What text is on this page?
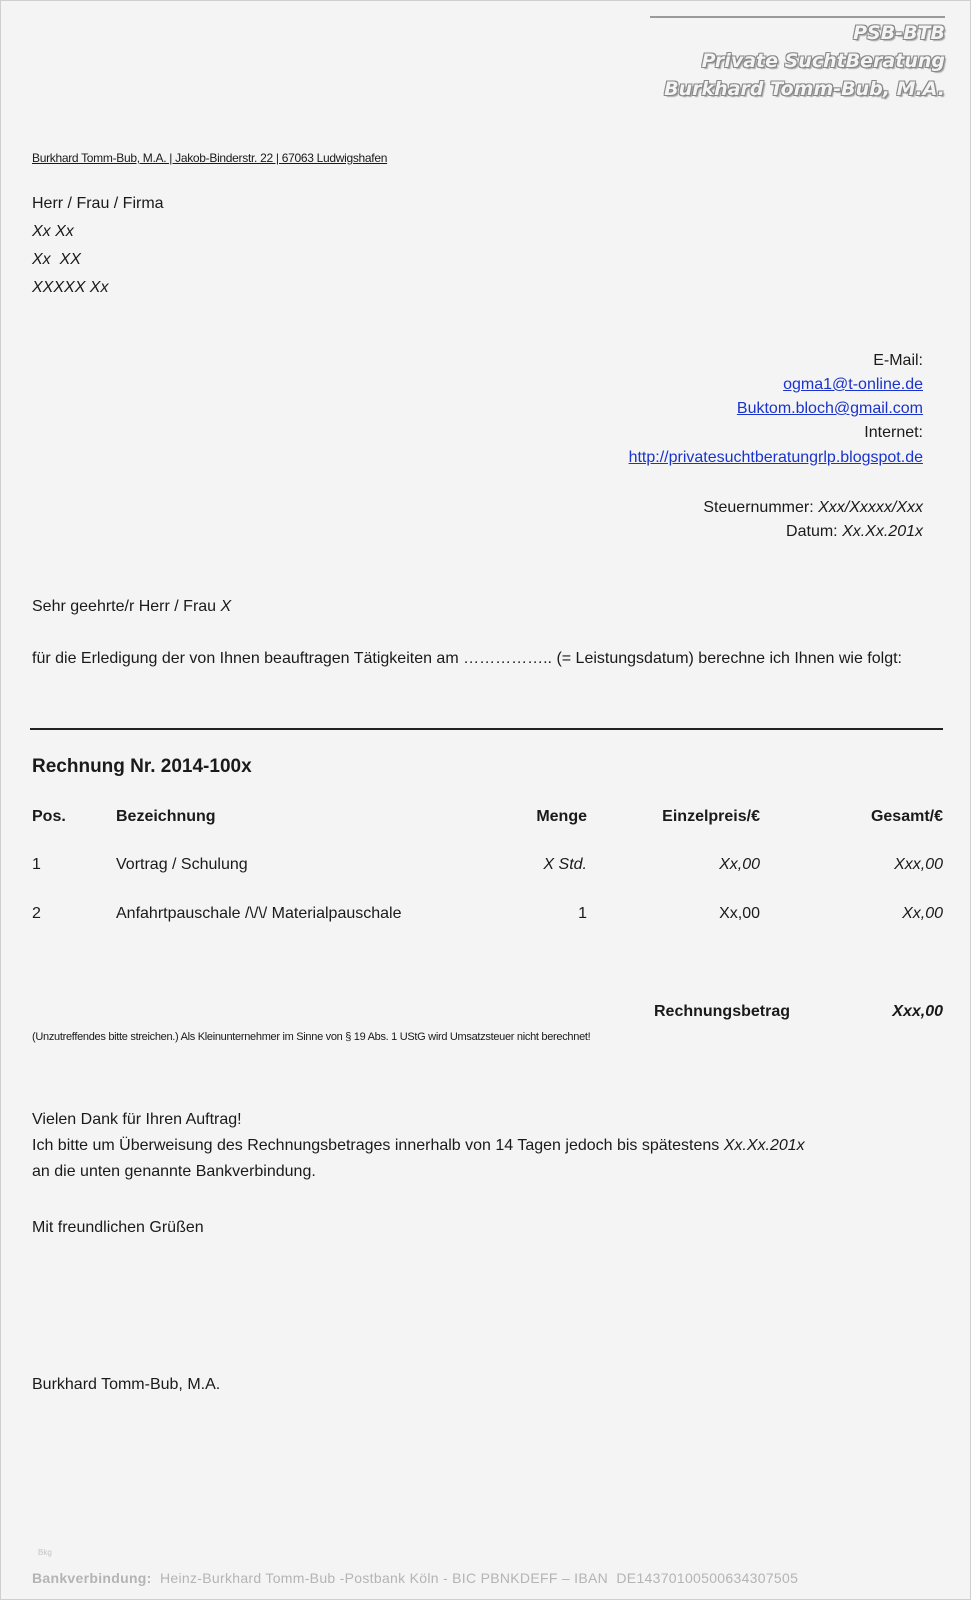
PSB-BTB
Private SuchtBeratung
Burkhard Tomm-Bub, M.A.
Burkhard Tomm-Bub, M.A. | Jakob-Binderstr. 22 | 67063 Ludwigshafen
Herr / Frau / Firma
Xx Xx
Xx  XX
XXXXX Xx
E-Mail:
ogma1@t-online.de
Buktom.bloch@gmail.com
Internet:
http://privatesuchtberatungrlp.blogspot.de
Steuernummer: Xxx/Xxxxx/Xxx
Datum: Xx.Xx.201x
Sehr geehrte/r Herr / Frau X
für die Erledigung der von Ihnen beauftragen Tätigkeiten am …………….. (= Leistungsdatum) berechne ich Ihnen wie folgt:
Rechnung Nr. 2014-100x
Pos.	Bezeichnung	Menge	Einzelpreis/€	Gesamt/€
1	Vortrag / Schulung	X Std.	Xx,00	Xxx,00
2	Anfahrtpauschale /\/\/ Materialpauschale	1	Xx,00	Xx,00
Rechnungsbetrag	Xxx,00
(Unzutreffendes bitte streichen.) Als Kleinunternehmer im Sinne von § 19 Abs. 1 UStG wird Umsatzsteuer nicht berechnet!
Vielen Dank für Ihren Auftrag!
Ich bitte um Überweisung des Rechnungsbetrages innerhalb von 14 Tagen jedoch bis spätestens Xx.Xx.201x
an die unten genannte Bankverbindung.
Mit freundlichen Grüßen
Burkhard Tomm-Bub, M.A.
Bkg
Bankverbindung: Heinz-Burkhard Tomm-Bub -Postbank Köln - BIC PBNKDEFF – IBAN  DE14370100500634307505
